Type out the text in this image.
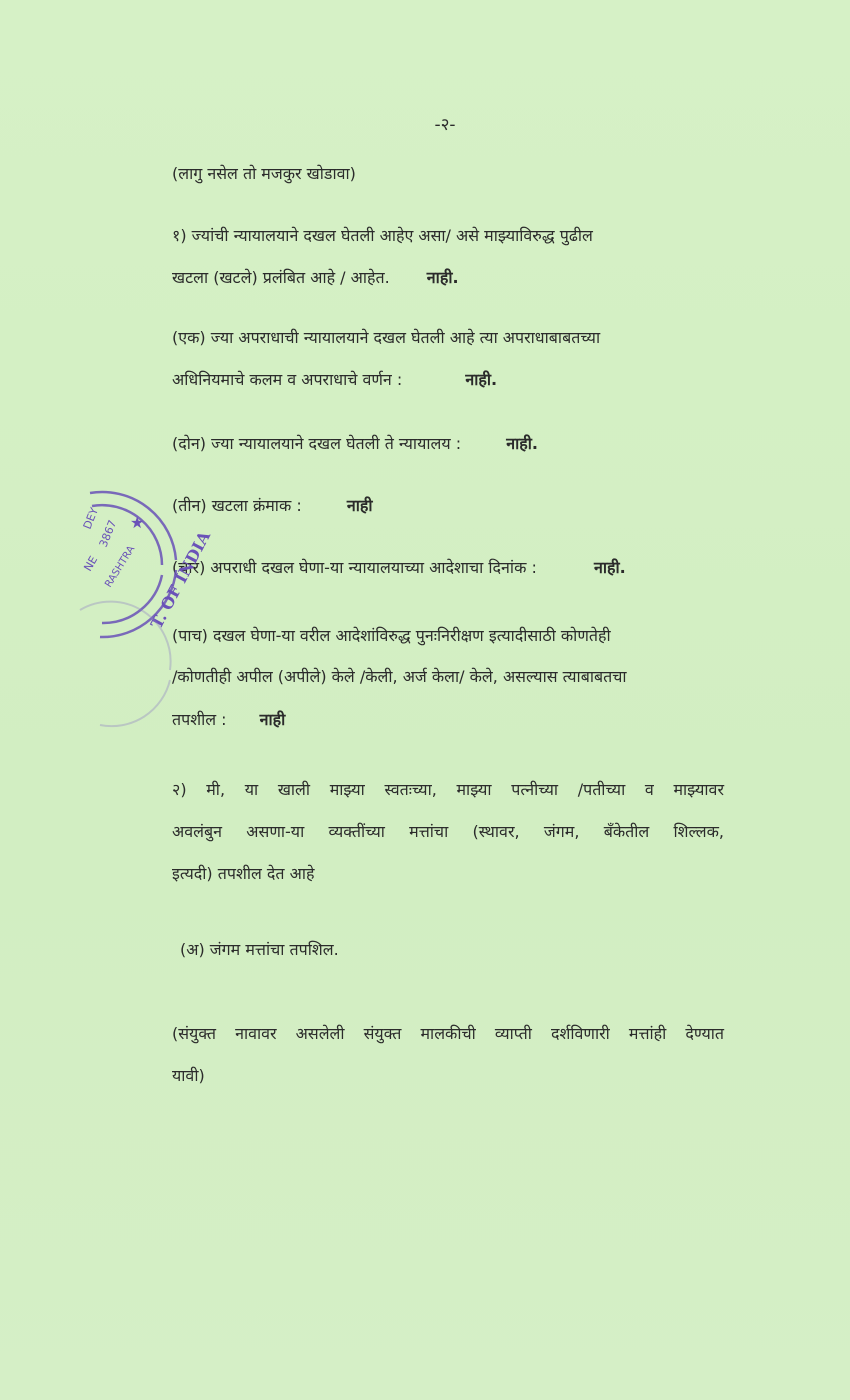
-२-
(लागु नसेल तो मजकुर खोडावा)
१) ज्यांची न्यायालयाने दखल घेतली आहेए असा/ असे माझ्याविरुद्ध पुढील
खटला (खटले) प्रलंबित आहे / आहेत. नाही.
(एक) ज्या अपराधाची न्यायालयाने दखल घेतली आहे त्या अपराधाबाबतच्या
अधिनियमाचे कलम व अपराधाचे वर्णन :	नाही.
(दोन) ज्या न्यायालयाने दखल घेतली ते न्यायालय :	नाही.
(तीन) खटला क्रंमाक :	नाही
(चार) अपराधी दखल घेणा-या न्यायालयाच्या आदेशाचा दिनांक :	नाही.
(पाच) दखल घेणा-या वरील आदेशांविरुद्ध पुनःनिरीक्षण इत्यादीसाठी कोणतेही
/कोणतीही अपील (अपीले) केले /केली, अर्ज केला/ केले, असल्यास त्याबाबतचा
तपशील : नाही
२) मी, या खाली माझ्या स्वतःच्या, माझ्या पत्नीच्या /पतीच्या व माझ्यावर
अवलंबुन असणा-या व्यक्तींच्या मत्तांचा (स्थावर, जंगम, बॅंकेतील शिल्लक,
इत्यदी) तपशील देत आहे
(अ) जंगम मत्तांचा तपशिल.
(संयुक्त नावावर असलेली संयुक्त मालकीची व्याप्ती दर्शविणारी मत्तांही देण्यात
यावी)
★
T. OF INDIA
DEY
3867
NE RASHTRA
